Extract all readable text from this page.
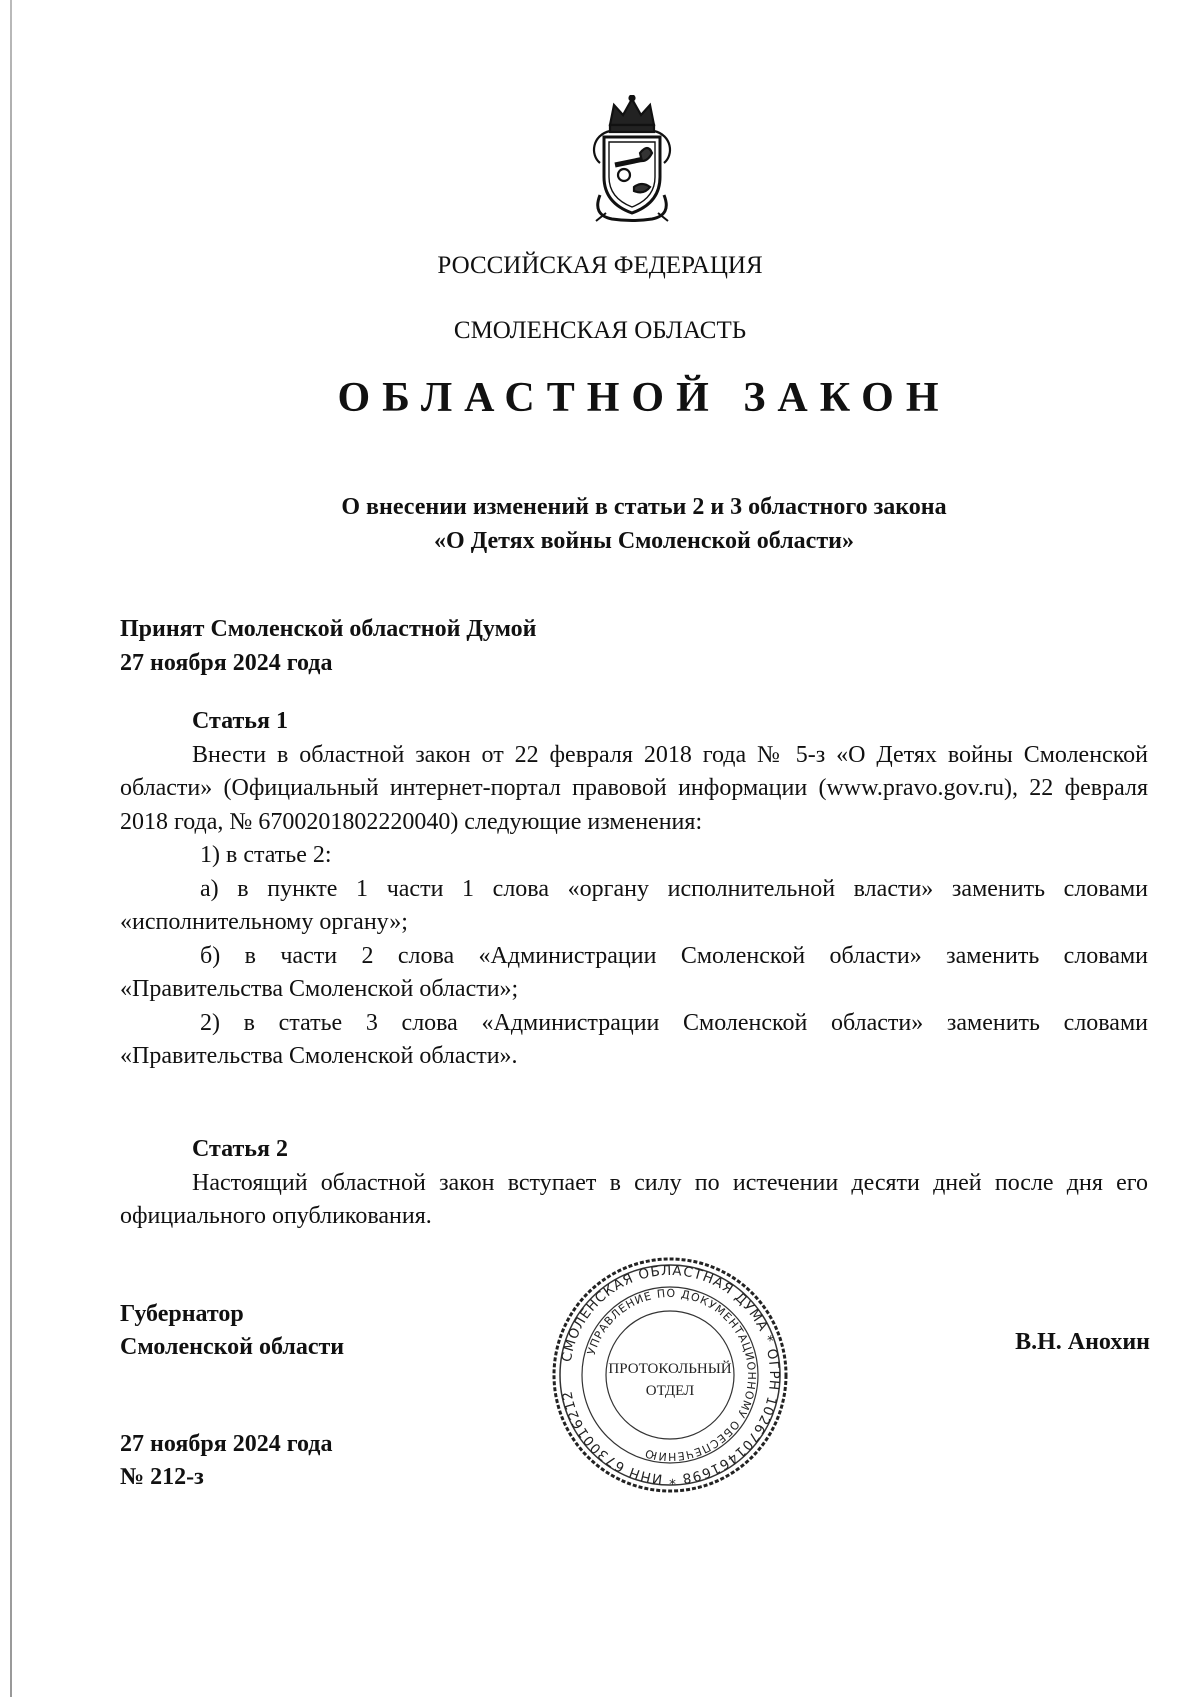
РОССИЙСКАЯ ФЕДЕРАЦИЯ
СМОЛЕНСКАЯ ОБЛАСТЬ
ОБЛАСТНОЙ ЗАКОН
О внесении изменений в статьи 2 и 3 областного закона
«О Детях войны Смоленской области»
Принят Смоленской областной Думой
27 ноября 2024 года
Статья 1

Внести в областной закон от 22 февраля 2018 года № 5-з «О Детях войны Смоленской области» (Официальный интернет-портал правовой информации (www.pravo.gov.ru), 22 февраля 2018 года, № 6700201802220040) следующие изменения:

1) в статье 2:

а) в пункте 1 части 1 слова «органу исполнительной власти» заменить словами «исполнительному органу»;

б) в части 2 слова «Администрации Смоленской области» заменить словами «Правительства Смоленской области»;

2) в статье 3 слова «Администрации Смоленской области» заменить словами «Правительства Смоленской области».

Статья 2

Настоящий областной закон вступает в силу по истечении десяти дней после дня его официального опубликования.

Губернатор
Смоленской области	В.Н. Анохин
27 ноября 2024 года
№ 212-з
СМОЛЕНСКАЯ ОБЛАСТНАЯ ДУМА * ОГРН 1026701461698 * ИНН 6730016212
УПРАВЛЕНИЕ ПО ДОКУМЕНТАЦИОННОМУ ОБЕСПЕЧЕНИЮ
ПРОТОКОЛЬНЫЙ
ОТДЕЛ
